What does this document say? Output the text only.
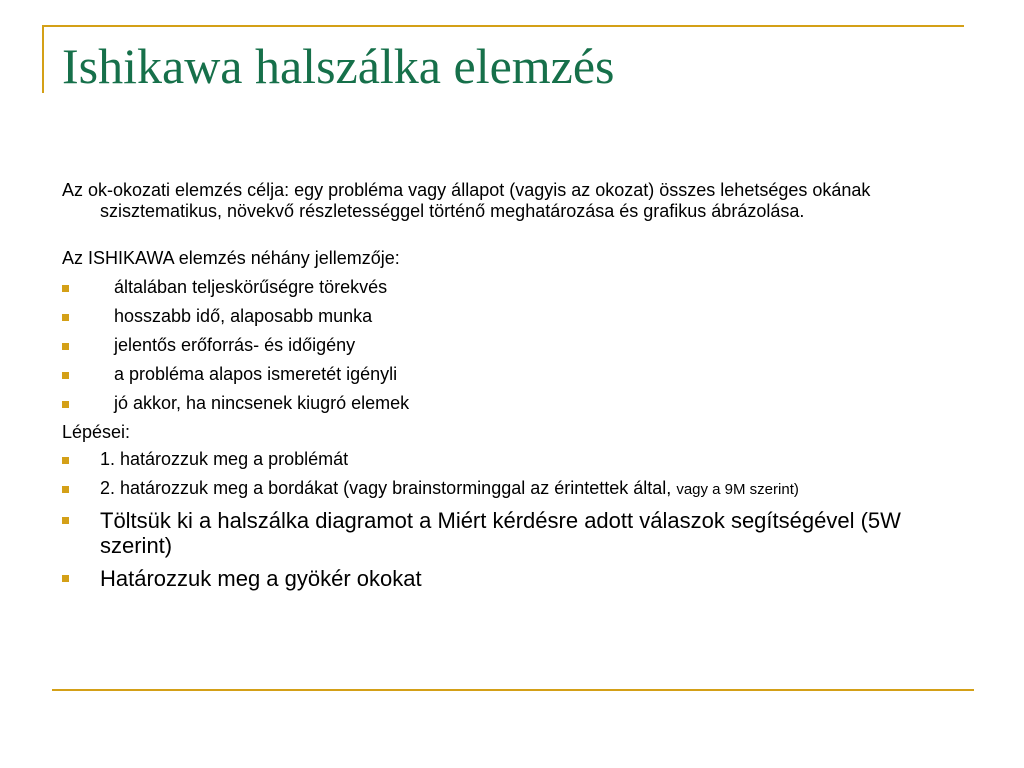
Ishikawa halszálka elemzés

Az ok-okozati elemzés célja: egy probléma vagy állapot (vagyis az okozat) összes lehetséges okának szisztematikus, növekvő részletességgel történő meghatározása és grafikus ábrázolása.

Az ISHIKAWA elemzés néhány jellemzője:

általában teljeskörűségre törekvés
hosszabb idő, alaposabb munka
jelentős erőforrás- és időigény
a probléma alapos ismeretét igényli
jó akkor, ha nincsenek kiugró elemek

Lépései:

1. határozzuk meg a problémát
2. határozzuk meg a bordákat (vagy brainstorminggal az érintettek által, vagy a 9M szerint)
Töltsük ki a halszálka diagramot a Miért kérdésre adott válaszok segítségével (5W szerint)
Határozzuk meg a gyökér okokat
